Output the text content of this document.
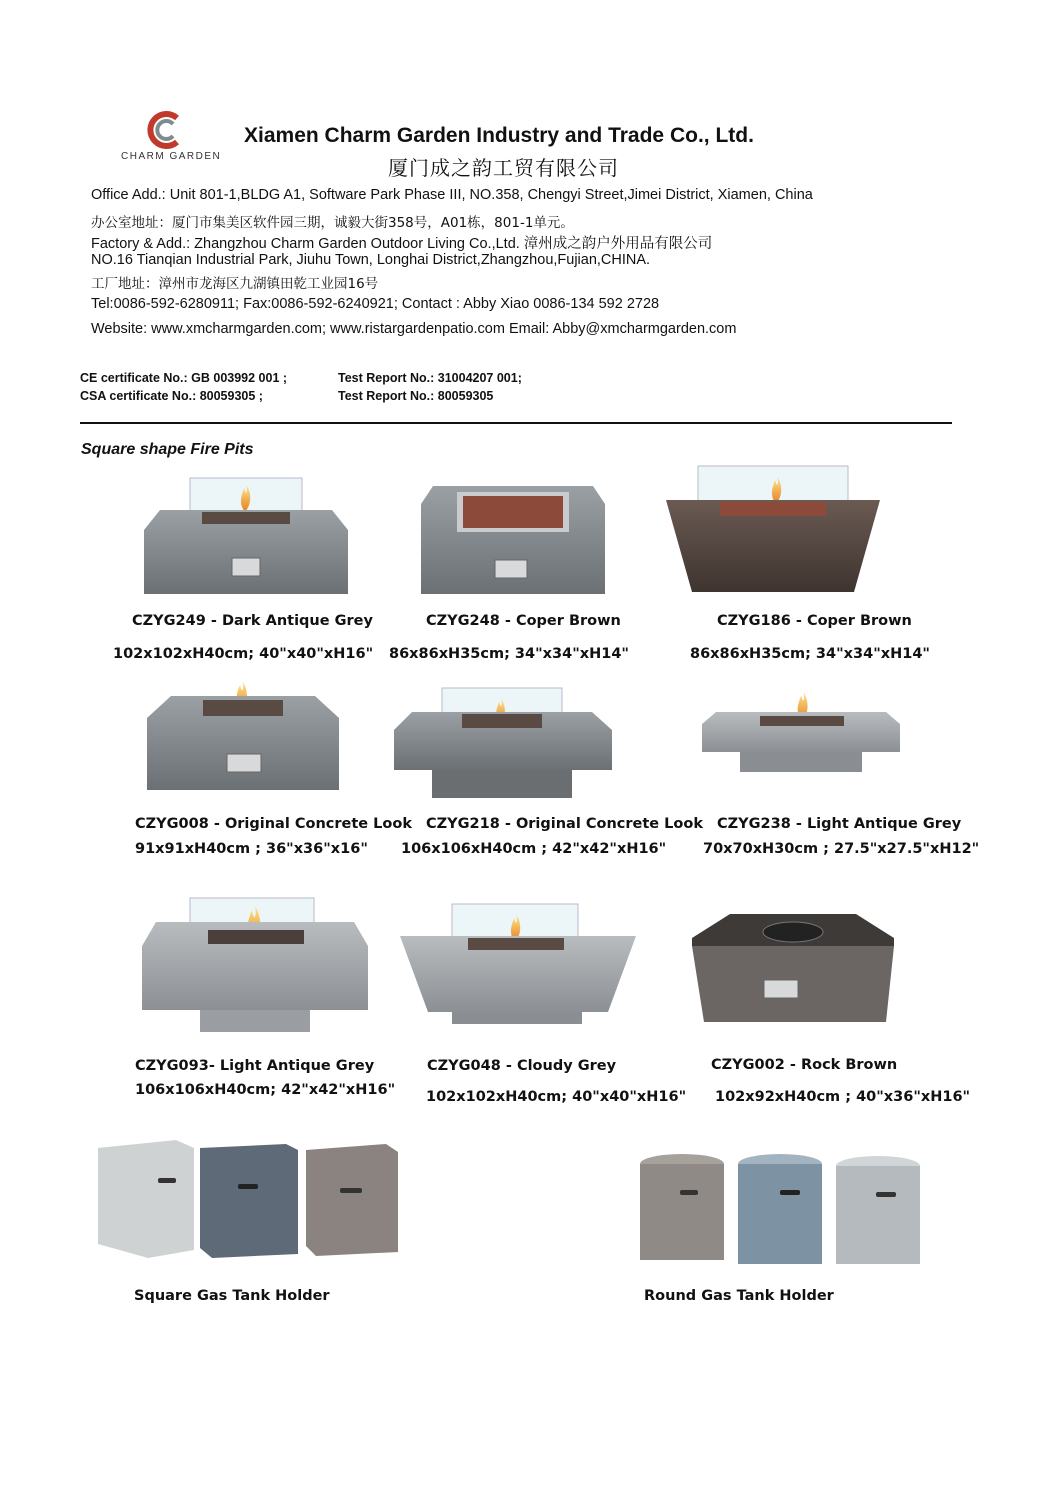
CHARM GARDEN
Xiamen Charm Garden Industry and Trade Co., Ltd.
厦门成之韵工贸有限公司
Office Add.: Unit 801-1,BLDG A1, Software Park Phase III, NO.358, Chengyi Street,Jimei District, Xiamen, China
办公室地址：厦门市集美区软件园三期，诚毅大街358号，A01栋，801-1单元。
Factory & Add.: Zhangzhou Charm Garden Outdoor Living Co.,Ltd. 漳州成之韵户外用品有限公司
NO.16 Tianqian Industrial Park, Jiuhu Town, Longhai District,Zhangzhou,Fujian,CHINA.
工厂地址：漳州市龙海区九湖镇田乾工业园16号
Tel:0086-592-6280911; Fax:0086-592-6240921; Contact : Abby Xiao 0086-134 592 2728
Website: www.xmcharmgarden.com; www.ristargardenpatio.com Email: Abby@xmcharmgarden.com
CE certificate No.: GB 003992 001 ;	Test Report No.: 31004207 001;
CSA certificate No.: 80059305 ;	Test Report No.: 80059305
Square shape Fire Pits
CZYG249 - Dark Antique Grey	CZYG248 - Coper Brown	CZYG186 - Coper Brown
102x102xH40cm; 40"x40"xH16" 86x86xH35cm; 34"x34"xH14"	86x86xH35cm; 34"x34"xH14"
CZYG008 - Original Concrete Look CZYG218 - Original Concrete Look CZYG238 - Light Antique Grey
91x91xH40cm ; 36"x36"x16" 106x106xH40cm ; 42"x42"xH16"	70x70xH30cm ; 27.5"x27.5"xH12"
CZYG093- Light Antique Grey	CZYG048 - Cloudy Grey	CZYG002 - Rock Brown
106x106xH40cm; 42"x42"xH16" 102x102xH40cm; 40"x40"xH16" 102x92xH40cm ; 40"x36"xH16"
Square Gas Tank Holder	Round Gas Tank Holder
